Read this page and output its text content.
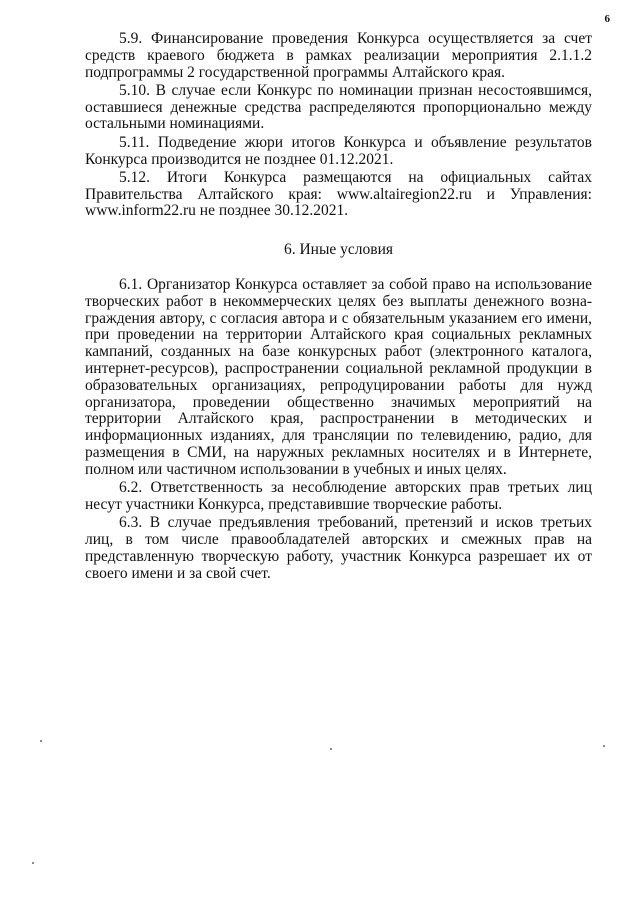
6

5.9. Финансирование проведения Конкурса осуществляется за счет средств краевого бюджета в рамках реализации мероприятия 2.1.1.2 подпрограммы 2 государственной программы Алтайского края.

5.10. В случае если Конкурс по номинации признан несостоявшимся, оставшиеся денежные средства распределяются пропорционально между остальными номинациями.

5.11. Подведение жюри итогов Конкурса и объявление результатов Конкурса производится не позднее 01.12.2021.

5.12. Итоги Конкурса размещаются на официальных сайтах Правительства Алтайского края: www.altairegion22.ru и Управления: www.inform22.ru не позднее 30.12.2021.

6. Иные условия

6.1. Организатор Конкурса оставляет за собой право на использование творческих работ в некоммерческих целях без выплаты денежного вознаграждения автору, с согласия автора и с обязательным указанием его имени, при проведении на территории Алтайского края социальных рекламных кампаний, созданных на базе конкурсных работ (электронного каталога, интернет-ресурсов), распространении социальной рекламной продукции в образовательных организациях, репродуцировании работы для нужд организатора, проведении общественно значимых мероприятий на территории Алтайского края, распространении в методических и информационных изданиях, для трансляции по телевидению, радио, для размещения в СМИ, на наружных рекламных носителях и в Интернете, полном или частичном использовании в учебных и иных целях.

6.2. Ответственность за несоблюдение авторских прав третьих лиц несут участники Конкурса, представившие творческие работы.

6.3. В случае предъявления требований, претензий и исков третьих лиц, в том числе правообладателей авторских и смежных прав на представленную творческую работу, участник Конкурса разрешает их от своего имени и за свой счет.
